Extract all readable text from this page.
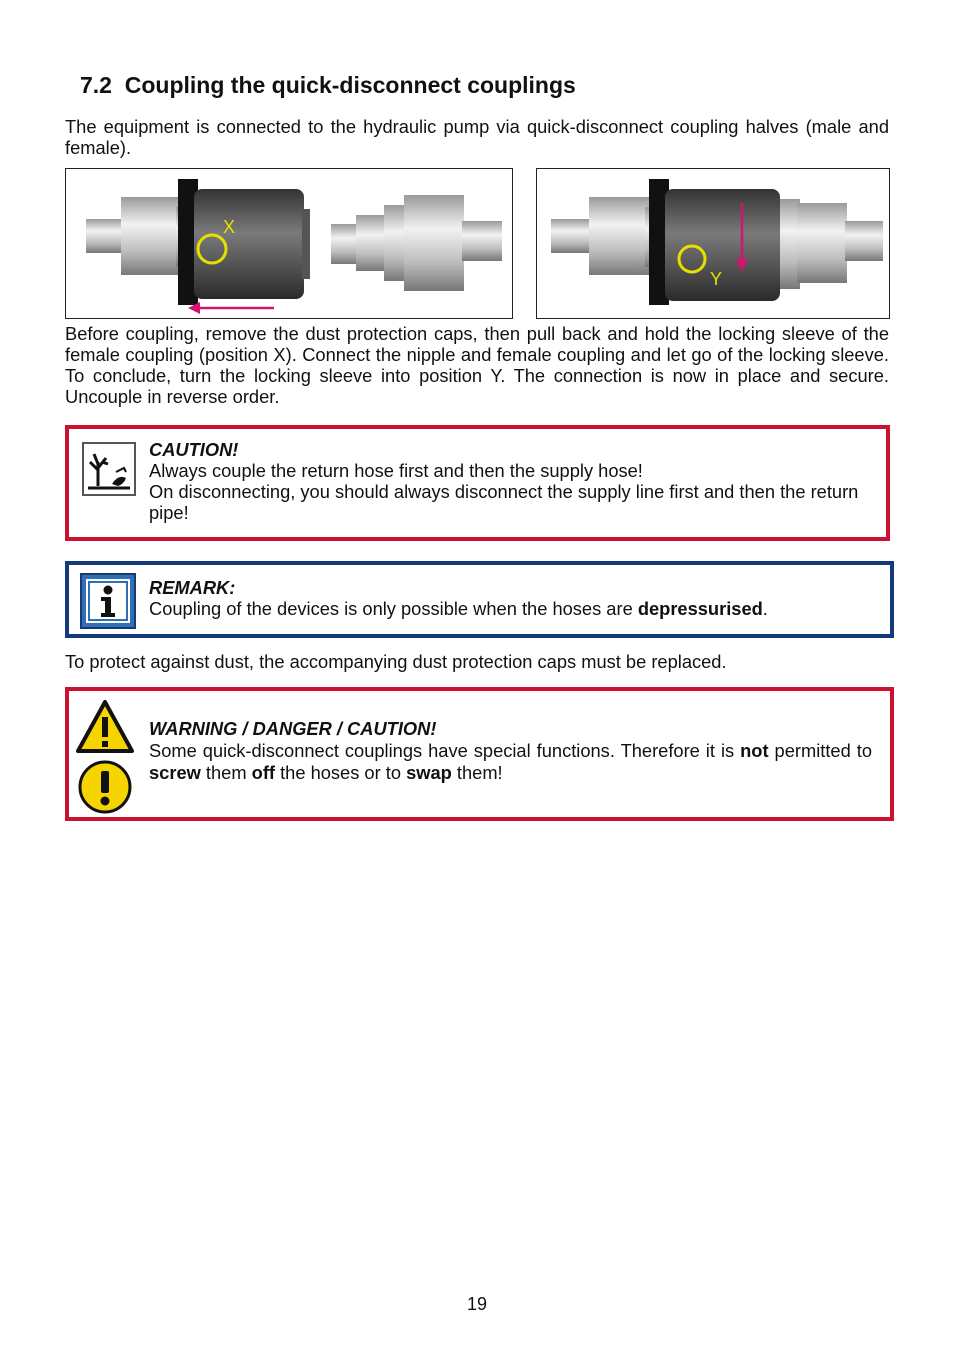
7.2 Coupling the quick-disconnect couplings
The equipment is connected to the hydraulic pump via quick-disconnect coupling halves (male and female).
X
Y
Before coupling, remove the dust protection caps, then pull back and hold the locking sleeve of the female coupling (position X). Connect the nipple and female coupling and let go of the locking sleeve. To conclude, turn the locking sleeve into position Y. The connection is now in place and secure. Uncouple in reverse order.
CAUTION!
Always couple the return hose first and then the supply hose!
On disconnecting, you should always disconnect the supply line first and then the return pipe!
REMARK:
Coupling of the devices is only possible when the hoses are depressurised.
To protect against dust, the accompanying dust protection caps must be replaced.
WARNING / DANGER / CAUTION!
Some quick-disconnect couplings have special functions. Therefore it is not permitted to screw them off the hoses or to swap them!
19
